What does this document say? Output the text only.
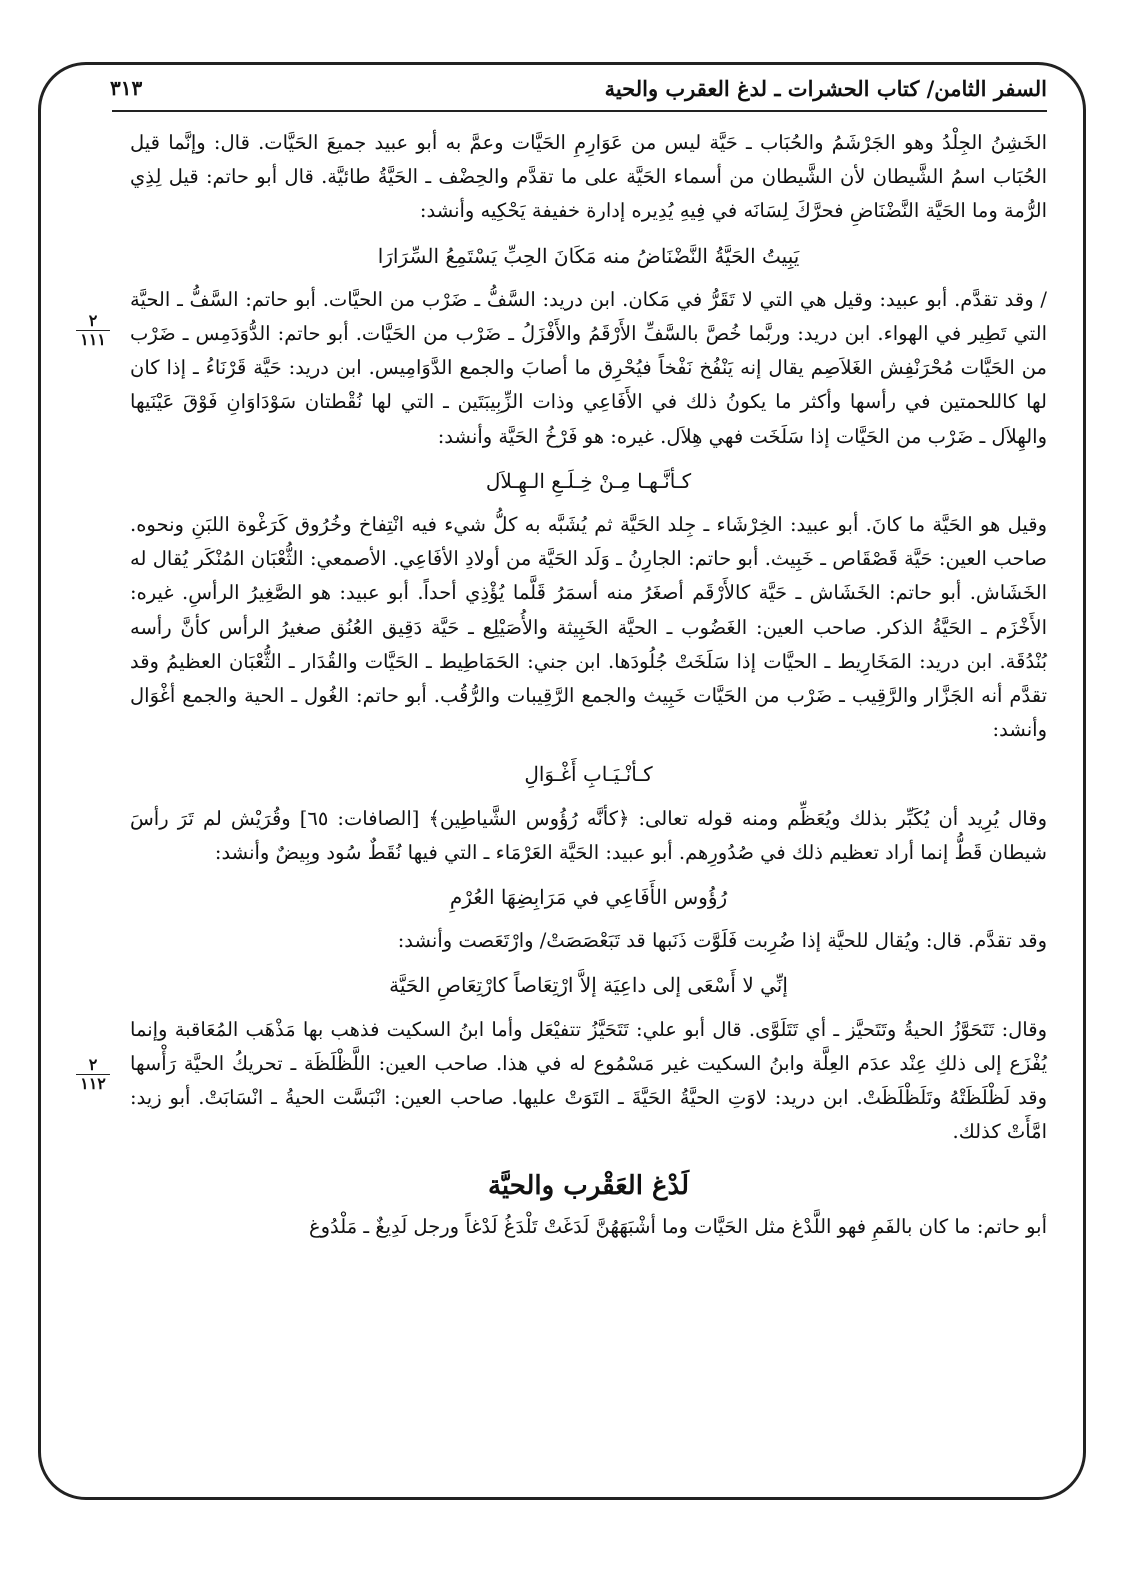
٣١٣	السفر الثامن/ كتاب الحشرات ـ لدغ العقرب والحية
٢
١١١
٢
١١٢

الخَشِنُ الجِلْدُ وهو الجَرْشَمُ والحُبَاب ـ حَيَّة ليس من عَوَارِمِ الحَيَّات وعمَّ به أبو عبيد جميعَ الحَيَّات. قال: وإنَّما قيل الحُبَاب اسمُ الشَّيطان لأن الشَّيطان من أسماء الحَيَّة على ما تقدَّم والحِضْف ـ الحَيَّةُ طائيَّة. قال أبو حاتم: قيل لِذِي الرُّمة وما الحَيَّة النَّضْنَاضِ فحرَّكَ لِسَانَه في فِيهِ يُدِيره إدارة خفيفة يَحْكِيه وأنشد:

يَبِيتُ الحَيَّةُ النَّضْنَاضُ منه مَكَانَ الحِبِّ يَسْتَمِعُ السِّرَارَا

/ وقد تقدَّم. أبو عبيد: وقيل هي التي لا تَقَرُّ في مَكان. ابن دريد: السَّفُّ ـ ضَرْب من الحيَّات. أبو حاتم: السَّفُّ ـ الحيَّة التي تَطِير في الهواء. ابن دريد: وربَّما خُصَّ بالسَّفِّ الأَرْقَمُ والأَفْزَلُ ـ ضَرْب من الحَيَّات. أبو حاتم: الدُّوَدَمِس ـ ضَرْب من الحَيَّات مُحْرَنْفِش الغَلاَصِم يقال إنه يَنْفُخ نَفْخاً فيُحْرِق ما أصابَ والجمع الدَّوَامِيس. ابن دريد: حَيَّة قَرْنَاءُ ـ إذا كان لها كاللحمتين في رأسها وأكثر ما يكونُ ذلك في الأَفَاعِي وذات الزِّبِيبَتَين ـ التي لها نُقْطتان سَوْدَاوَانِ فَوْقَ عَيْنَيها والهِلاَل ـ ضَرْب من الحَيَّات إذا سَلَخَت فهي هِلاَل. غيره: هو فَرْخُ الحَيَّة وأنشد:

كـأنَّـهـا مِـنْ خِـلَـعِ الـهِـلاَل

وقيل هو الحَيَّة ما كانَ. أبو عبيد: الخِرْشَاء ـ جِلد الحَيَّة ثم يُشَبَّه به كلُّ شيء فيه انْتِفاخ وخُرُوق كَرَغْوة اللبَنِ ونحوه. صاحب العين: حَيَّة قَصْقَاص ـ خَبِيث. أبو حاتم: الجارِنُ ـ وَلَد الحَيَّة من أولادِ الأفَاعِي. الأصمعي: الثُّعْبَان المُنْكَر يُقال له الخَشَاش. أبو حاتم: الخَشَاش ـ حَيَّة كالأَرْقَم أصغَرُ منه أسمَرُ قَلَّما يُؤْذِي أحداً. أبو عبيد: هو الصَّغِيرُ الرأسِ. غيره: الأَخْزَم ـ الحَيَّةُ الذكر. صاحب العين: الغَضُوب ـ الحيَّة الخَبِيثة والأُصَيْلِع ـ حَيَّة دَقِيق العُنُق صغيرُ الرأس كأنَّ رأسه بُنْدُقَة. ابن دريد: المَخَارِيط ـ الحيَّات إذا سَلَخَتْ جُلُودَها. ابن جني: الحَمَاطِيط ـ الحَيَّات والقُدَار ـ الثُّعْبَان العظيمُ وقد تقدَّم أنه الجَزَّار والرَّقِيب ـ ضَرْب من الحَيَّات خَبِيث والجمع الرَّقِيبات والرُّقُب. أبو حاتم: الغُول ـ الحية والجمع أغْوَال وأنشد:

كـأنْـيَـابِ أَغْـوَالِ

وقال يُرِيد أن يُكَبِّر بذلك ويُعَظِّم ومنه قوله تعالى: ﴿كأنَّه رُؤُوس الشَّياطِين﴾ [الصافات: ٦٥] وقُرَيْش لم تَرَ رأسَ شيطان قَطُّ إنما أراد تعظيم ذلك في صُدُورِهم. أبو عبيد: الحَيَّة العَرْمَاء ـ التي فيها نُقَطٌ سُود وبِيضٌ وأنشد:

رُؤُوس الأَفَاعِي في مَرَابِضِهَا العُرْمِ

وقد تقدَّم. قال: ويُقال للحيَّة إذا ضُرِبت فَلَوَّت ذَنَبها قد تَبَعْصَصَتْ/ وارْتَعَصت وأنشد:

إنِّي لا أَسْعَى إلى داعِيَة إلاَّ ارْتِعَاصاً كارْتِعَاصِ الحَيَّة

وقال: تَتَحَوَّزُ الحيةُ وتَتَحيَّز ـ أي تَتَلَوَّى. قال أبو علي: تَتَحَيَّزُ تتفيْعَل وأما ابنُ السكيت فذهب بها مَذْهَب المُعَاقبة وإنما يُفْزَع إلى ذلكِ عِنْد عدَم العِلَّة وابنُ السكيت غير مَسْمُوع له في هذا. صاحب العين: اللَّظْلَظَة ـ تحريكُ الحيَّة رَأْسها وقد لَظْلَظَتْهُ وتَلَظْلَظَتْ. ابن دريد: لاوَتِ الحيَّةُ الحَيَّةَ ـ التَوَتْ عليها. صاحب العين: انْبَسَّت الحيةُ ـ انْسَابَتْ. أبو زيد: امَّأَتْ كذلك.

لَدْغ العَقْرب والحيَّة

أبو حاتم: ما كان بالفَمِ فهو اللَّدْغ مثل الحَيَّات وما أشْبَهَهُنَّ لَدَغَتْ تَلْدَغُ لَدْغاً ورجل لَدِيغٌ ـ مَلْدُوغ
